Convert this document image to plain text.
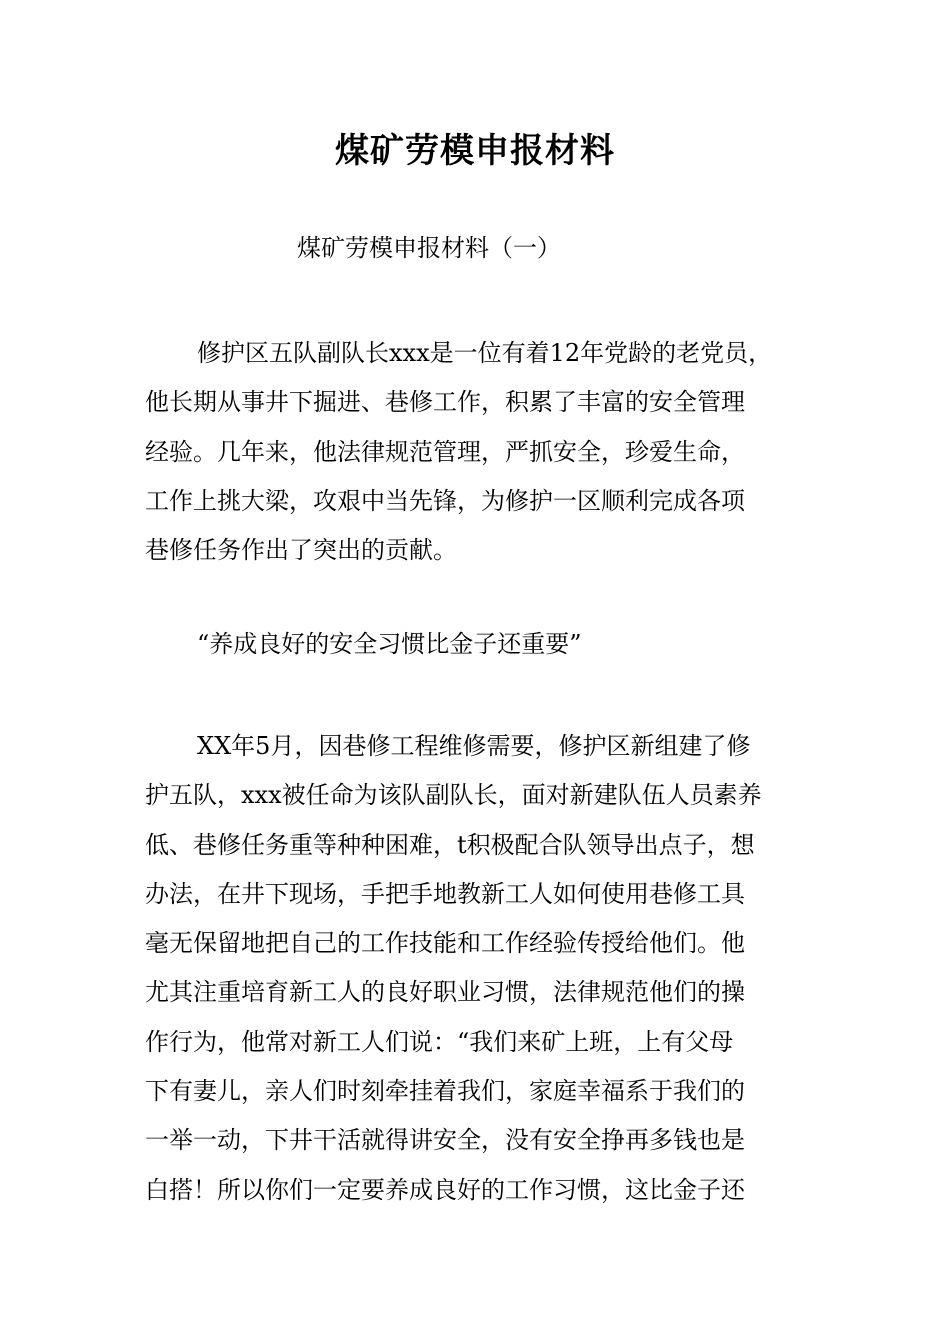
煤矿劳模申报材料
煤矿劳模申报材料（一）
修护区五队副队长xxx是一位有着12年党龄的老党员，
他长期从事井下掘进、巷修工作，积累了丰富的安全管理
经验。几年来，他法律规范管理，严抓安全，珍爱生命，
工作上挑大梁，攻艰中当先锋，为修护一区顺利完成各项
巷修任务作出了突出的贡献。
“养成良好的安全习惯比金子还重要”
XX年5月，因巷修工程维修需要，修护区新组建了修
护五队，xxx被任命为该队副队长，面对新建队伍人员素养
低、巷修任务重等种种困难，t积极配合队领导出点子，想
办法，在井下现场，手把手地教新工人如何使用巷修工具
毫无保留地把自己的工作技能和工作经验传授给他们。他
尤其注重培育新工人的良好职业习惯，法律规范他们的操
作行为，他常对新工人们说：“我们来矿上班，上有父母
下有妻儿，亲人们时刻牵挂着我们，家庭幸福系于我们的
一举一动，下井干活就得讲安全，没有安全挣再多钱也是
白搭！所以你们一定要养成良好的工作习惯，这比金子还
